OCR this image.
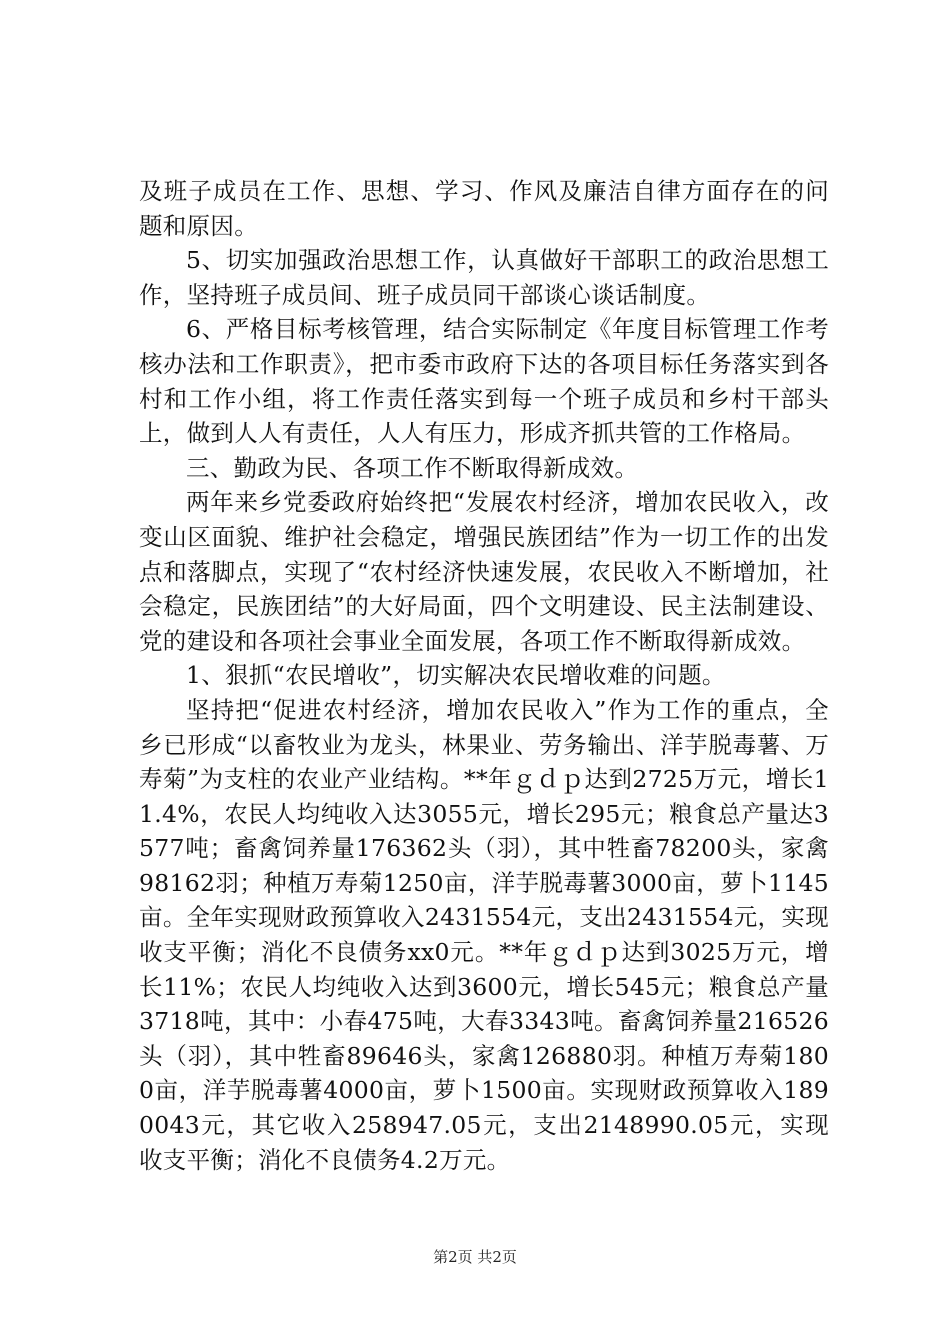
及班子成员在工作、思想、学习、作风及廉洁自律方面存在的问题和原因。

5、切实加强政治思想工作，认真做好干部职工的政治思想工作，坚持班子成员间、班子成员同干部谈心谈话制度。

6、严格目标考核管理，结合实际制定《年度目标管理工作考核办法和工作职责》，把市委市政府下达的各项目标任务落实到各村和工作小组，将工作责任落实到每一个班子成员和乡村干部头上，做到人人有责任，人人有压力，形成齐抓共管的工作格局。

三、勤政为民、各项工作不断取得新成效。

两年来乡党委政府始终把“发展农村经济，增加农民收入，改变山区面貌、维护社会稳定，增强民族团结”作为一切工作的出发点和落脚点，实现了“农村经济快速发展，农民收入不断增加，社会稳定，民族团结”的大好局面，四个文明建设、民主法制建设、党的建设和各项社会事业全面发展，各项工作不断取得新成效。

1、狠抓“农民增收”，切实解决农民增收难的问题。

坚持把“促进农村经济，增加农民收入”作为工作的重点，全乡已形成“以畜牧业为龙头，林果业、劳务输出、洋芋脱毒薯、万寿菊”为支柱的农业产业结构。**年ｇｄｐ达到2725万元，增长11.4%，农民人均纯收入达3055元，增长295元；粮食总产量达3577吨；畜禽饲养量176362头（羽），其中牲畜78200头，家禽98162羽；种植万寿菊1250亩，洋芋脱毒薯3000亩，萝卜1145亩。全年实现财政预算收入2431554元，支出2431554元，实现收支平衡；消化不良债务xx0元。**年ｇｄｐ达到3025万元，增长11%；农民人均纯收入达到3600元，增长545元；粮食总产量3718吨，其中：小春475吨，大春3343吨。畜禽饲养量216526头（羽），其中牲畜89646头，家禽126880羽。种植万寿菊1800亩，洋芋脱毒薯4000亩，萝卜1500亩。实现财政预算收入1890043元，其它收入258947.05元，支出2148990.05元，实现收支平衡；消化不良债务4.2万元。

第2页 共2页
